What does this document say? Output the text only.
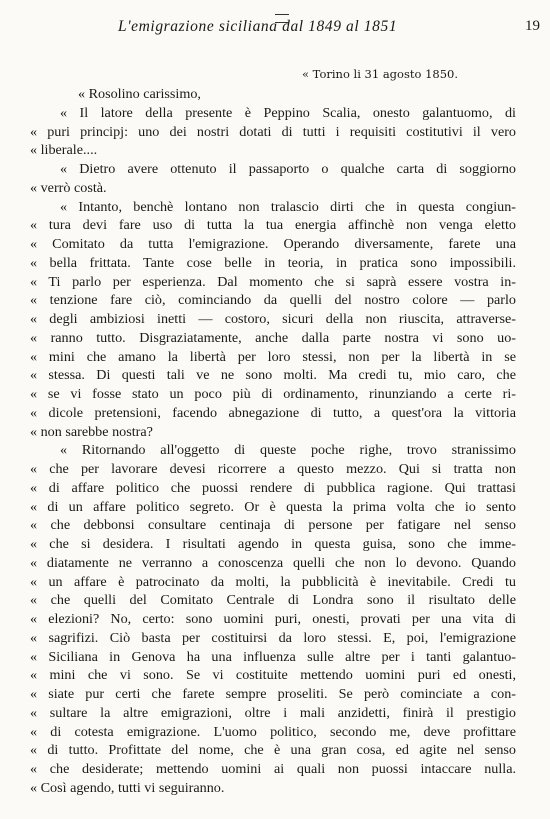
L'emigrazione siciliana dal 1849 al 1851	19
« Torino li 31 agosto 1850.
« Rosolino carissimo,
« Il latore della presente è Peppino Scalia, onesto galantuomo, di
« puri principj: uno dei nostri dotati di tutti i requisiti costitutivi il vero
« liberale....
« Dietro avere ottenuto il passaporto o qualche carta di soggiorno
« verrò costà.
« Intanto, benchè lontano non tralascio dirti che in questa congiun-
« tura devi fare uso di tutta la tua energia affinchè non venga eletto
« Comitato da tutta l'emigrazione. Operando diversamente, farete una
« bella frittata. Tante cose belle in teoria, in pratica sono impossibili.
« Ti parlo per esperienza. Dal momento che si saprà essere vostra in-
« tenzione fare ciò, cominciando da quelli del nostro colore — parlo
« degli ambiziosi inetti — costoro, sicuri della non riuscita, attraverse-
« ranno tutto. Disgraziatamente, anche dalla parte nostra vi sono uo-
« mini che amano la libertà per loro stessi, non per la libertà in se
« stessa. Di questi tali ve ne sono molti. Ma credi tu, mio caro, che
« se vi fosse stato un poco più di ordinamento, rinunziando a certe ri-
« dicole pretensioni, facendo abnegazione di tutto, a quest'ora la vittoria
« non sarebbe nostra?
« Ritornando all'oggetto di queste poche righe, trovo stranissimo
« che per lavorare devesi ricorrere a questo mezzo. Qui si tratta non
« di affare politico che puossi rendere di pubblica ragione. Qui trattasi
« di un affare politico segreto. Or è questa la prima volta che io sento
« che debbonsi consultare centinaja di persone per fatigare nel senso
« che si desidera. I risultati agendo in questa guisa, sono che imme-
« diatamente ne verranno a conoscenza quelli che non lo devono. Quando
« un affare è patrocinato da molti, la pubblicità è inevitabile. Credi tu
« che quelli del Comitato Centrale di Londra sono il risultato delle
« elezioni? No, certo: sono uomini puri, onesti, provati per una vita di
« sagrifizi. Ciò basta per costituirsi da loro stessi. E, poi, l'emigrazione
« Siciliana in Genova ha una influenza sulle altre per i tanti galantuo-
« mini che vi sono. Se vi costituite mettendo uomini puri ed onesti,
« siate pur certi che farete sempre proseliti. Se però cominciate a con-
« sultare la altre emigrazioni, oltre i mali anzidetti, finirà il prestigio
« di cotesta emigrazione. L'uomo politico, secondo me, deve profittare
« di tutto. Profittate del nome, che è una gran cosa, ed agite nel senso
« che desiderate; mettendo uomini ai quali non puossi intaccare nulla.
« Così agendo, tutti vi seguiranno.
